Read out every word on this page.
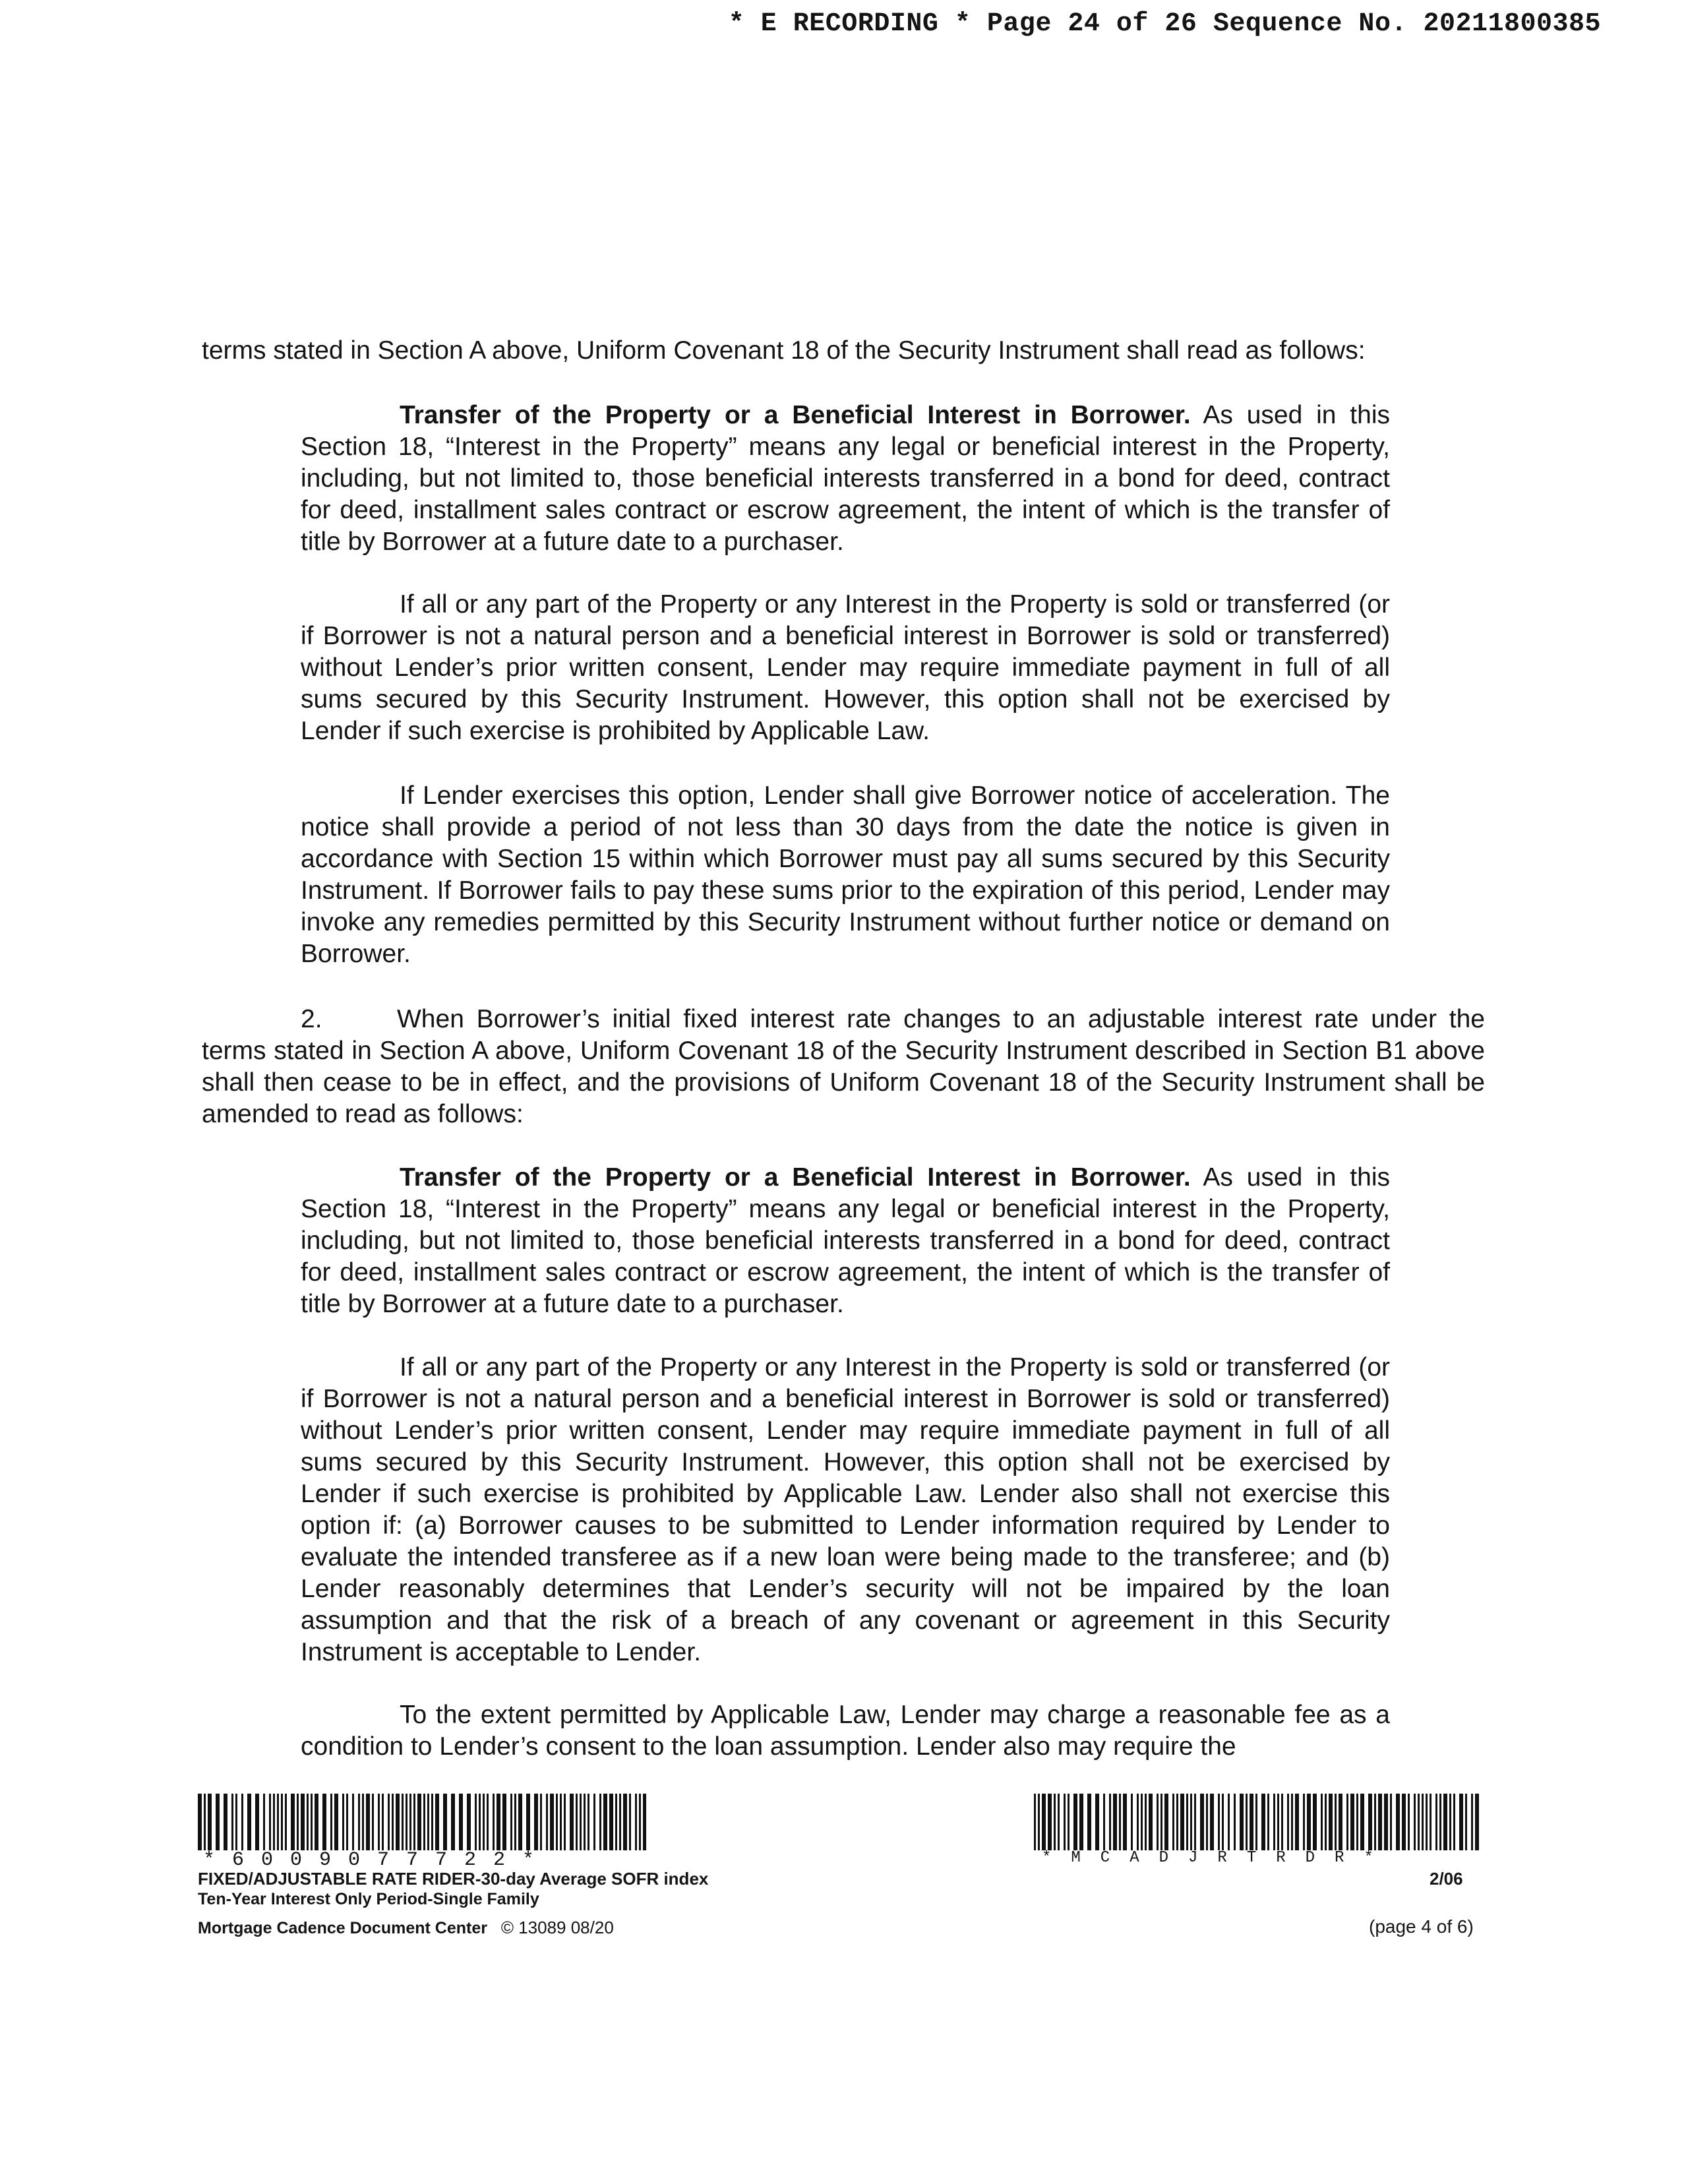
* E RECORDING * Page 24 of 26 Sequence No. 20211800385

terms stated in Section A above, Uniform Covenant 18 of the Security Instrument shall read as follows:

Transfer of the Property or a Beneficial Interest in Borrower. As used in this Section 18, “Interest in the Property” means any legal or beneficial interest in the Property, including, but not limited to, those beneficial interests transferred in a bond for deed, contract for deed, installment sales contract or escrow agreement, the intent of which is the transfer of title by Borrower at a future date to a purchaser.

If all or any part of the Property or any Interest in the Property is sold or transferred (or if Borrower is not a natural person and a beneficial interest in Borrower is sold or transferred) without Lender’s prior written consent, Lender may require immediate payment in full of all sums secured by this Security Instrument. However, this option shall not be exercised by Lender if such exercise is prohibited by Applicable Law.

If Lender exercises this option, Lender shall give Borrower notice of acceleration. The notice shall provide a period of not less than 30 days from the date the notice is given in accordance with Section 15 within which Borrower must pay all sums secured by this Security Instrument. If Borrower fails to pay these sums prior to the expiration of this period, Lender may invoke any remedies permitted by this Security Instrument without further notice or demand on Borrower.

2.	When Borrower’s initial fixed interest rate changes to an adjustable interest rate under the terms stated in Section A above, Uniform Covenant 18 of the Security Instrument described in Section B1 above shall then cease to be in effect, and the provisions of Uniform Covenant 18 of the Security Instrument shall be amended to read as follows:

Transfer of the Property or a Beneficial Interest in Borrower. As used in this Section 18, “Interest in the Property” means any legal or beneficial interest in the Property, including, but not limited to, those beneficial interests transferred in a bond for deed, contract for deed, installment sales contract or escrow agreement, the intent of which is the transfer of title by Borrower at a future date to a purchaser.

If all or any part of the Property or any Interest in the Property is sold or transferred (or if Borrower is not a natural person and a beneficial interest in Borrower is sold or transferred) without Lender’s prior written consent, Lender may require immediate payment in full of all sums secured by this Security Instrument. However, this option shall not be exercised by Lender if such exercise is prohibited by Applicable Law. Lender also shall not exercise this option if: (a) Borrower causes to be submitted to Lender information required by Lender to evaluate the intended transferee as if a new loan were being made to the transferee; and (b) Lender reasonably determines that Lender’s security will not be impaired by the loan assumption and that the risk of a breach of any covenant or agreement in this Security Instrument is acceptable to Lender.

To the extent permitted by Applicable Law, Lender may charge a reasonable fee as a condition to Lender’s consent to the loan assumption. Lender also may require the

*6009077722*	*MCADJRTRDR*
FIXED/ADJUSTABLE RATE RIDER-30-day Average SOFR index
Ten-Year Interest Only Period-Single Family
Mortgage Cadence Document Center © 13089 08/20
2/06
(page 4 of 6)
